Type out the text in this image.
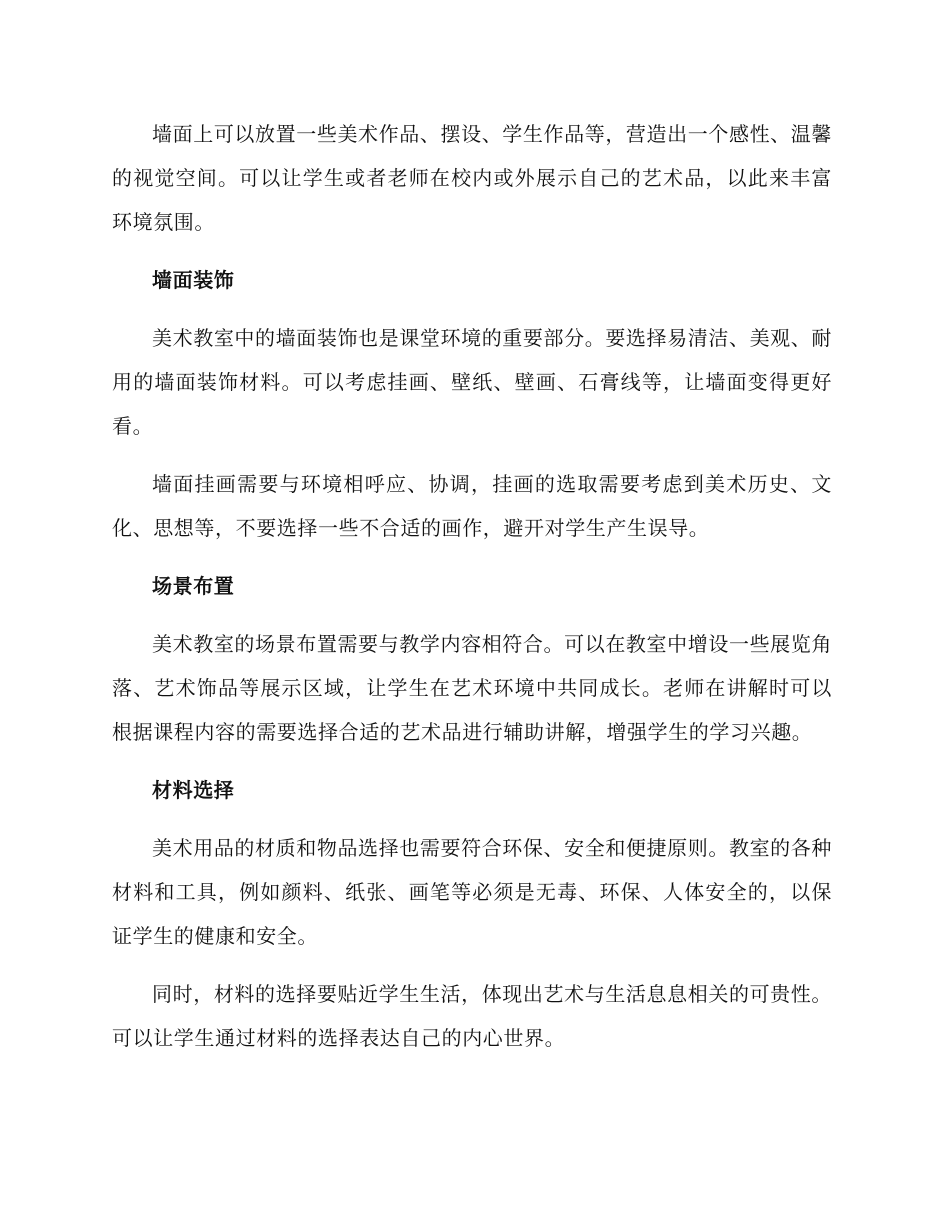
墙面上可以放置一些美术作品、摆设、学生作品等，营造出一个感性、温馨的视觉空间。可以让学生或者老师在校内或外展示自己的艺术品，以此来丰富环境氛围。

墙面装饰

美术教室中的墙面装饰也是课堂环境的重要部分。要选择易清洁、美观、耐用的墙面装饰材料。可以考虑挂画、壁纸、壁画、石膏线等，让墙面变得更好看。

墙面挂画需要与环境相呼应、协调，挂画的选取需要考虑到美术历史、文化、思想等，不要选择一些不合适的画作，避开对学生产生误导。

场景布置

美术教室的场景布置需要与教学内容相符合。可以在教室中增设一些展览角落、艺术饰品等展示区域，让学生在艺术环境中共同成长。老师在讲解时可以根据课程内容的需要选择合适的艺术品进行辅助讲解，增强学生的学习兴趣。

材料选择

美术用品的材质和物品选择也需要符合环保、安全和便捷原则。教室的各种材料和工具，例如颜料、纸张、画笔等必须是无毒、环保、人体安全的，以保证学生的健康和安全。

同时，材料的选择要贴近学生生活，体现出艺术与生活息息相关的可贵性。可以让学生通过材料的选择表达自己的内心世界。
